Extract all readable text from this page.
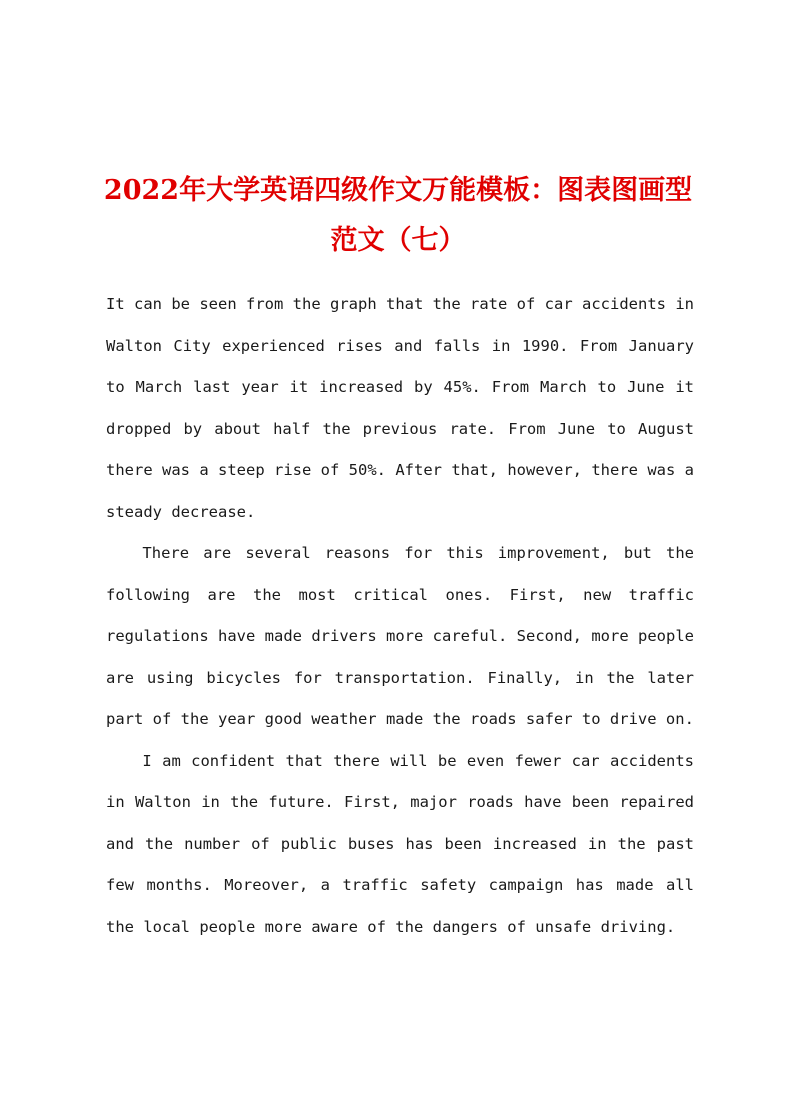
2022年大学英语四级作文万能模板：图表图画型范文（七）

It can be seen from the graph that the rate of car accidents in Walton City experienced rises and falls in 1990. From January to March last year it increased by 45%. From March to June it dropped by about half the previous rate. From June to August there was a steep rise of 50%. After that, however, there was a steady decrease.

There are several reasons for this improvement, but the following are the most critical ones. First, new traffic regulations have made drivers more careful. Second, more people are using bicycles for transportation. Finally, in the later part of the year good weather made the roads safer to drive on.

I am confident that there will be even fewer car accidents in Walton in the future. First, major roads have been repaired and the number of public buses has been increased in the past few months. Moreover, a traffic safety campaign has made all the local people more aware of the dangers of unsafe driving.
